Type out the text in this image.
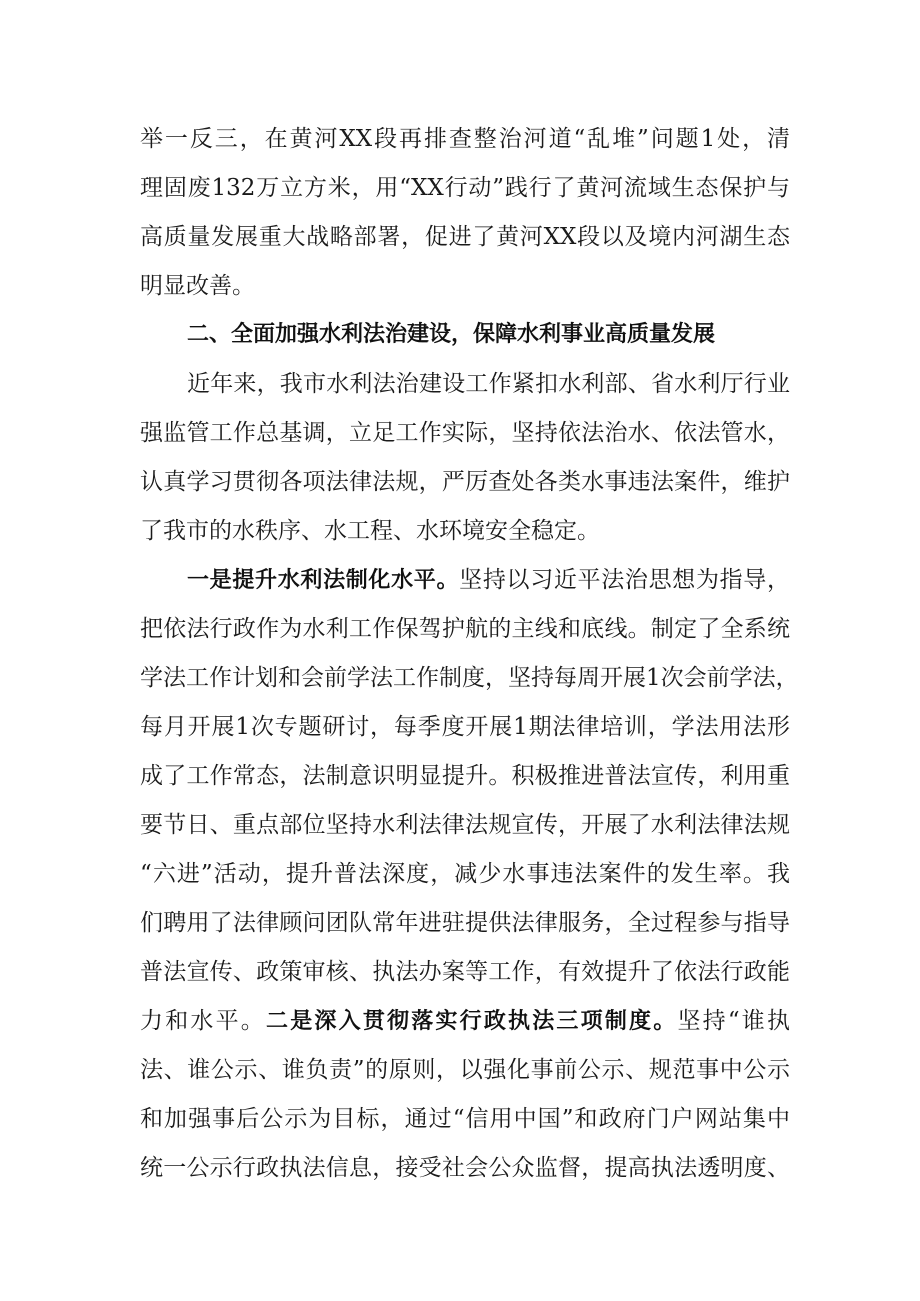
举一反三，在黄河XX段再排查整治河道“乱堆”问题1处，清
理固废132万立方米，用“XX行动”践行了黄河流域生态保护与
高质量发展重大战略部署，促进了黄河XX段以及境内河湖生态
明显改善。
二、全面加强水利法治建设，保障水利事业高质量发展
近年来，我市水利法治建设工作紧扣水利部、省水利厅行业
强监管工作总基调，立足工作实际，坚持依法治水、依法管水，
认真学习贯彻各项法律法规，严厉查处各类水事违法案件，维护
了我市的水秩序、水工程、水环境安全稳定。
一是提升水利法制化水平。坚持以习近平法治思想为指导，
把依法行政作为水利工作保驾护航的主线和底线。制定了全系统
学法工作计划和会前学法工作制度，坚持每周开展1次会前学法，
每月开展1次专题研讨，每季度开展1期法律培训，学法用法形
成了工作常态，法制意识明显提升。积极推进普法宣传，利用重
要节日、重点部位坚持水利法律法规宣传，开展了水利法律法规
“六进”活动，提升普法深度，减少水事违法案件的发生率。我
们聘用了法律顾问团队常年进驻提供法律服务，全过程参与指导
普法宣传、政策审核、执法办案等工作，有效提升了依法行政能
力和水平。二是深入贯彻落实行政执法三项制度。坚持“谁执
法、谁公示、谁负责”的原则，以强化事前公示、规范事中公示
和加强事后公示为目标，通过“信用中国”和政府门户网站集中
统一公示行政执法信息，接受社会公众监督，提高执法透明度、
